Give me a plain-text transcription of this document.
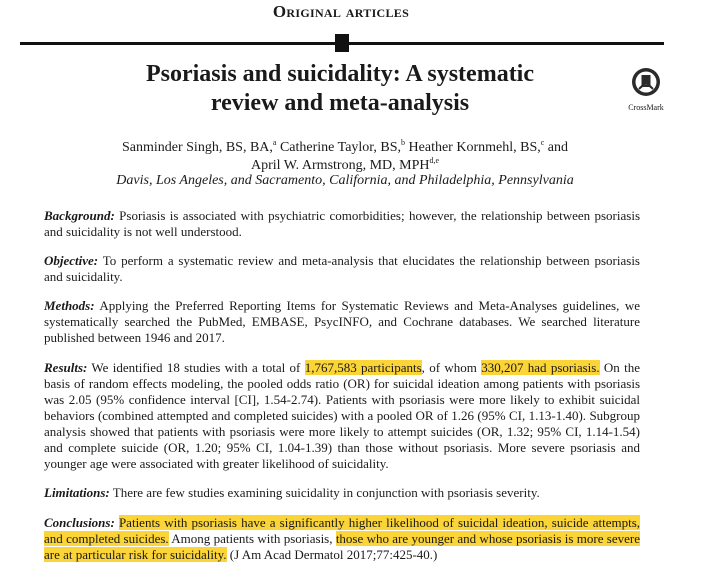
Original articles
Psoriasis and suicidality: A systematic
review and meta-analysis	CrossMark
Sanminder Singh, BS, BA,$^a$ Catherine Taylor, BS,$^b$ Heather Kornmehl, BS,$^c$ and
April W. Armstrong, MD, MPH$^{d,e}$
Davis, Los Angeles, and Sacramento, California, and Philadelphia, Pennsylvania

Background: Psoriasis is associated with psychiatric comorbidities; however, the relationship between psoriasis and suicidality is not well understood.

Objective: To perform a systematic review and meta-analysis that elucidates the relationship between psoriasis and suicidality.

Methods: Applying the Preferred Reporting Items for Systematic Reviews and Meta-Analyses guidelines, we systematically searched the PubMed, EMBASE, PsycINFO, and Cochrane databases. We searched literature published between 1946 and 2017.

Results: We identified 18 studies with a total of 1,767,583 participants, of whom 330,207 had psoriasis. On the basis of random effects modeling, the pooled odds ratio (OR) for suicidal ideation among patients with psoriasis was 2.05 (95% confidence interval [CI], 1.54-2.74). Patients with psoriasis were more likely to exhibit suicidal behaviors (combined attempted and completed suicides) with a pooled OR of 1.26 (95% CI, 1.13-1.40). Subgroup analysis showed that patients with psoriasis were more likely to attempt suicides (OR, 1.32; 95% CI, 1.14-1.54) and complete suicide (OR, 1.20; 95% CI, 1.04-1.39) than those without psoriasis. More severe psoriasis and younger age were associated with greater likelihood of suicidality.

Limitations: There are few studies examining suicidality in conjunction with psoriasis severity.

Conclusions: Patients with psoriasis have a significantly higher likelihood of suicidal ideation, suicide attempts, and completed suicides. Among patients with psoriasis, those who are younger and whose psoriasis is more severe are at particular risk for suicidality. (J Am Acad Dermatol 2017;77:425-40.)
